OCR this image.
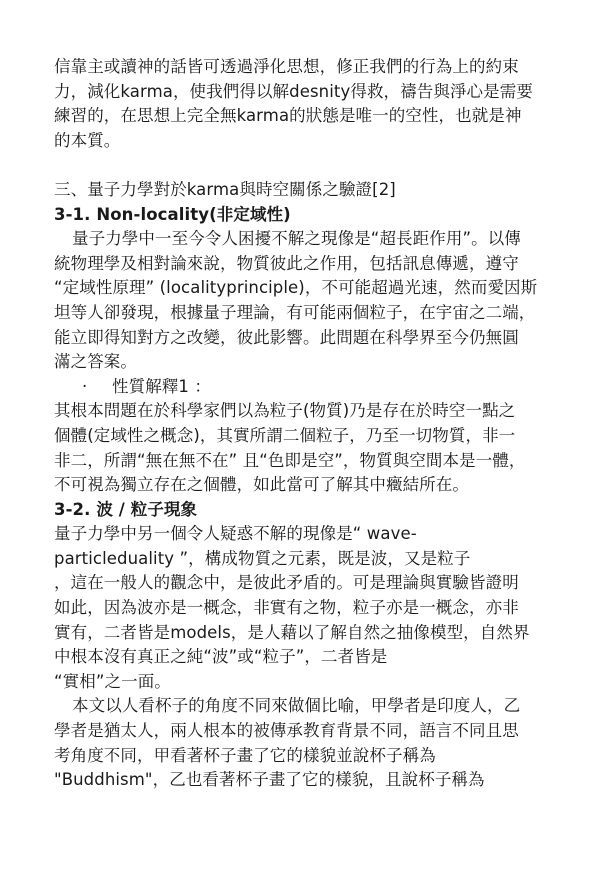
信靠主或讀神的話皆可透過淨化思想，修正我們的行為上的約束
力，減化karma，使我們得以解desnity得救，禱告與淨心是需要
練習的，在思想上完全無karma的狀態是唯一的空性，也就是神
的本質。
三、量子力學對於karma與時空關係之驗證[2]
3-1. Non-locality(非定域性)
量子力學中一至今令人困擾不解之現像是“超長距作用”。以傳
統物理學及相對論來說，物質彼此之作用，包括訊息傳遞，遵守
“定域性原理” (localityprinciple)，不可能超過光速，然而愛因斯
坦等人卻發現，根據量子理論，有可能兩個粒子，在宇宙之二端，
能立即得知對方之改變，彼此影響。此問題在科學界至今仍無圓
滿之答案。
· 性質解釋1 ：
其根本問題在於科學家們以為粒子(物質)乃是存在於時空一點之
個體(定域性之概念)，其實所謂二個粒子，乃至一切物質，非一
非二，所謂“無在無不在” 且“色即是空”，物質與空間本是一體，
不可視為獨立存在之個體，如此當可了解其中癥結所在。
3-2. 波 / 粒子現象
量子力學中另一個令人疑惑不解的現像是“ wave-
particleduality ”，構成物質之元素，既是波，又是粒子
，這在一般人的觀念中，是彼此矛盾的。可是理論與實驗皆證明
如此，因為波亦是一概念，非實有之物，粒子亦是一概念，亦非
實有，二者皆是models，是人藉以了解自然之抽像模型，自然界
中根本沒有真正之純“波”或“粒子”，二者皆是
“實相”之一面。
本文以人看杯子的角度不同來做個比喻，甲學者是印度人，乙
學者是猶太人，兩人根本的被傳承教育背景不同，語言不同且思
考角度不同，甲看著杯子畫了它的樣貌並說杯子稱為
"Buddhism"，乙也看著杯子畫了它的樣貌，且說杯子稱為
